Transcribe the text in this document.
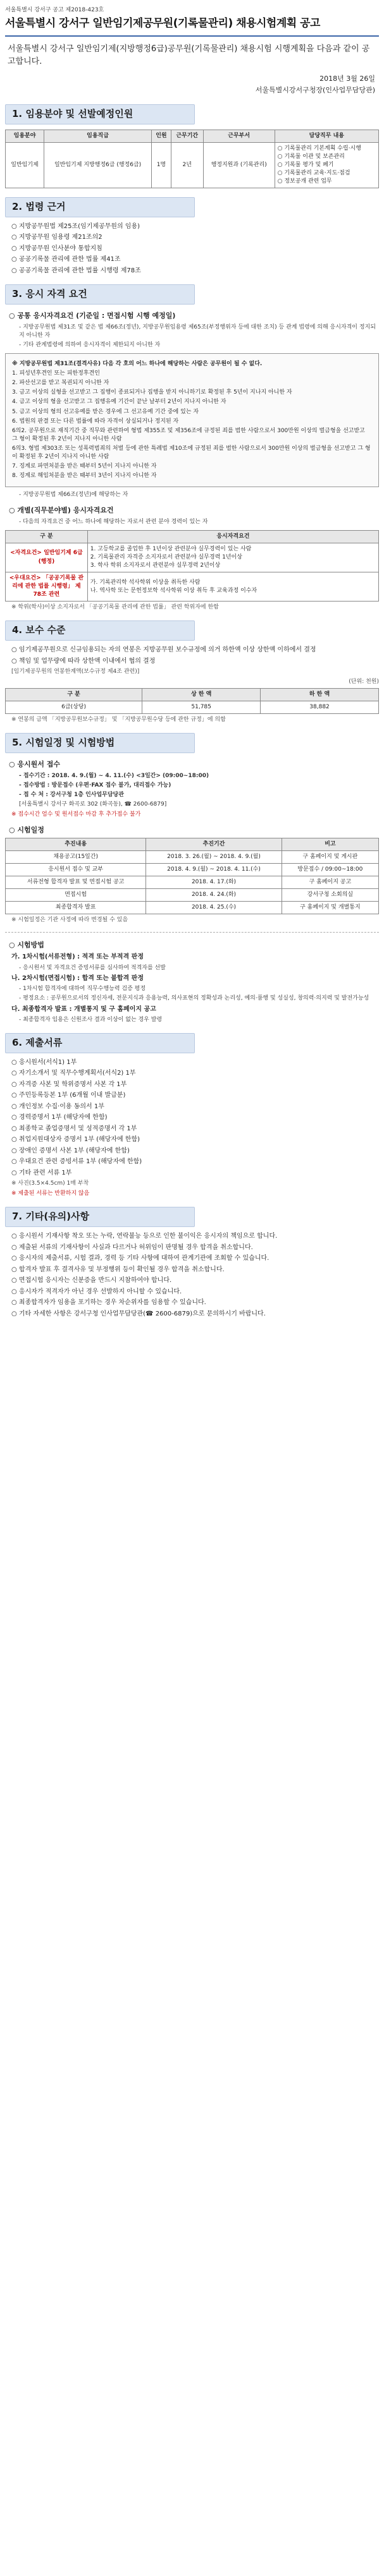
서울특별시 강서구 공고 제2018-423호
서울특별시 강서구 일반임기제공무원(기록물관리) 채용시험계획 공고
서울특별시 강서구 일반임기제(지방행정6급)공무원(기록물관리) 채용시험 시행계획을 다음과 같이 공고합니다.
2018년 3월 26일
서울특별시강서구청장(인사업무담당관)
1. 임용분야 및 선발예정인원
임용분야	임용직급	인원	근무기간	근무부서	담당직무 내용
일반임기제	일반임기제 지방행정6급 (행정6급)	1명	2년	행정지원과 (기록관리)	○ 기록물관리 기본계획 수립·시행
○ 기록물 이관 및 보존관리
○ 기록물 평가 및 폐기
○ 기록물관리 교육·지도·점검
○ 정보공개 관련 업무
2. 법령 근거
○ 지방공무원법 제25조(임기제공무원의 임용)
○ 지방공무원 임용령 제21조의2
○ 지방공무원 인사분야 통합지침
○ 공공기록물 관리에 관한 법률 제41조
○ 공공기록물 관리에 관한 법률 시행령 제78조
3. 응시 자격 요건
○ 공통 응시자격요건 (기준일 : 면접시험 시행 예정일)
- 지방공무원법 제31조 및 같은 법 제66조(정년), 지방공무원임용령 제65조(부정행위자 등에 대한 조치) 등 관계 법령에 의해 응시자격이 정지되지 아니한 자
- 기타 관계법령에 의하여 응시자격이 제한되지 아니한 자

※ 지방공무원법 제31조(결격사유) 다음 각 호의 어느 하나에 해당하는 사람은 공무원이 될 수 없다.

1. 피성년후견인 또는 피한정후견인

2. 파산선고를 받고 복권되지 아니한 자

3. 금고 이상의 실형을 선고받고 그 집행이 종료되거나 집행을 받지 아니하기로 확정된 후 5년이 지나지 아니한 자

4. 금고 이상의 형을 선고받고 그 집행유예 기간이 끝난 날부터 2년이 지나지 아니한 자

5. 금고 이상의 형의 선고유예를 받은 경우에 그 선고유예 기간 중에 있는 자

6. 법원의 판결 또는 다른 법률에 따라 자격이 상실되거나 정지된 자

6의2. 공무원으로 재직기간 중 직무와 관련하여 형법 제355조 및 제356조에 규정된 죄를 범한 사람으로서 300만원 이상의 벌금형을 선고받고 그 형이 확정된 후 2년이 지나지 아니한 사람

6의3. 형법 제303조 또는 성폭력범죄의 처벌 등에 관한 특례법 제10조에 규정된 죄를 범한 사람으로서 300만원 이상의 벌금형을 선고받고 그 형이 확정된 후 2년이 지나지 아니한 사람

7. 징계로 파면처분을 받은 때부터 5년이 지나지 아니한 자

8. 징계로 해임처분을 받은 때부터 3년이 지나지 아니한 자

- 지방공무원법 제66조(정년)에 해당하는 자
○ 개별(직무분야별) 응시자격요건
- 다음의 자격요건 중 어느 하나에 해당하는 자로서 관련 분야 경력이 있는 자
구 분	응시자격요건
<자격요건> 일반임기제 6급 (행정)	1. 고등학교를 졸업한 후 1년이상 관련분야 실무경력이 있는 사람
2. 기록물관리 자격증 소지자로서 관련분야 실무경력 1년이상
3. 학사 학위 소지자로서 관련분야 실무경력 2년이상

<우대요건> 「공공기록물 관리에 관한 법률 시행령」 제78조 관련	가. 기록관리학 석사학위 이상을 취득한 사람
나. 역사학 또는 문헌정보학 석사학위 이상 취득 후 교육과정 이수자
※ 학위(학사)이상 소지자로서 「공공기록물 관리에 관한 법률」 관련 학위자에 한함
4. 보수 수준
○ 임기제공무원으로 신규임용되는 자의 연봉은 지방공무원 보수규정에 의거 하한액 이상 상한액 이하에서 결정
○ 책임 및 업무량에 따라 상한액 이내에서 협의 결정
[임기제공무원의 연봉한계액(보수규정 제4조 관련)]
(단위: 천원)
구 분	상 한 액	하 한 액
6급(상당)	51,785	38,882
※ 연봉의 금액 「지방공무원보수규정」 및 「지방공무원수당 등에 관한 규정」에 의함
5. 시험일정 및 시험방법
○ 응시원서 접수
- 접수기간 : 2018. 4. 9.(월) ~ 4. 11.(수) <3일간> (09:00~18:00)
- 접수방법 : 방문접수 (우편·FAX 접수 불가, 대리접수 가능)
- 접 수 처 : 강서구청 1층 인사업무담당관
[서울특별시 강서구 화곡로 302 (화곡동), ☎ 2600-6879]
※ 접수시간 엄수 및 원서접수 마감 후 추가접수 불가
○ 시험일정
추진내용	추진기간	비고
채용공고(15일간)	2018. 3. 26.(월) ~ 2018. 4. 9.(월)	구 홈페이지 및 게시판
응시원서 접수 및 교부	2018. 4. 9.(월) ~ 2018. 4. 11.(수)	방문접수 / 09:00~18:00
서류전형 합격자 발표 및 면접시험 공고	2018. 4. 17.(화)	구 홈페이지 공고
면접시험	2018. 4. 24.(화)	강서구청 소회의실
최종합격자 발표	2018. 4. 25.(수)	구 홈페이지 및 개별통지
※ 시험일정은 기관 사정에 따라 변경될 수 있음
○ 시험방법
가. 1차시험(서류전형) : 적격 또는 부적격 판정
- 응시원서 및 자격요건 증빙서류를 심사하여 적격자를 선발
나. 2차시험(면접시험) : 합격 또는 불합격 판정
- 1차시험 합격자에 대하여 직무수행능력 검증 평정
- 평정요소 : 공무원으로서의 정신자세, 전문지식과 응용능력, 의사표현의 정확성과 논리성, 예의·품행 및 성실성, 창의력·의지력 및 발전가능성
다. 최종합격자 발표 : 개별통지 및 구 홈페이지 공고
- 최종합격자 임용은 신원조사 결과 이상이 없는 경우 발령
6. 제출서류
○ 응시원서(서식1) 1부
○ 자기소개서 및 직무수행계획서(서식2) 1부
○ 자격증 사본 및 학위증명서 사본 각 1부
○ 주민등록등본 1부 (6개월 이내 발급분)
○ 개인정보 수집·이용 동의서 1부
○ 경력증명서 1부 (해당자에 한함)
○ 최종학교 졸업증명서 및 성적증명서 각 1부
○ 취업지원대상자 증명서 1부 (해당자에 한함)
○ 장애인 증명서 사본 1부 (해당자에 한함)
○ 우대요건 관련 증빙서류 1부 (해당자에 한함)
○ 기타 관련 서류 1부
※ 사진(3.5×4.5cm) 1매 부착
※ 제출된 서류는 반환하지 않음
7. 기타(유의)사항
○ 응시원서 기재사항 착오 또는 누락, 연락불능 등으로 인한 불이익은 응시자의 책임으로 합니다.
○ 제출된 서류의 기재사항이 사실과 다르거나 허위임이 판명될 경우 합격을 취소합니다.
○ 응시자의 제출서류, 시험 결과, 경력 등 기타 사항에 대하여 관계기관에 조회할 수 있습니다.
○ 합격자 발표 후 결격사유 및 부정행위 등이 확인될 경우 합격을 취소합니다.
○ 면접시험 응시자는 신분증을 반드시 지참하여야 합니다.
○ 응시자가 적격자가 아닌 경우 선발하지 아니할 수 있습니다.
○ 최종합격자가 임용을 포기하는 경우 차순위자를 임용할 수 있습니다.
○ 기타 자세한 사항은 강서구청 인사업무담당관(☎ 2600-6879)으로 문의하시기 바랍니다.
